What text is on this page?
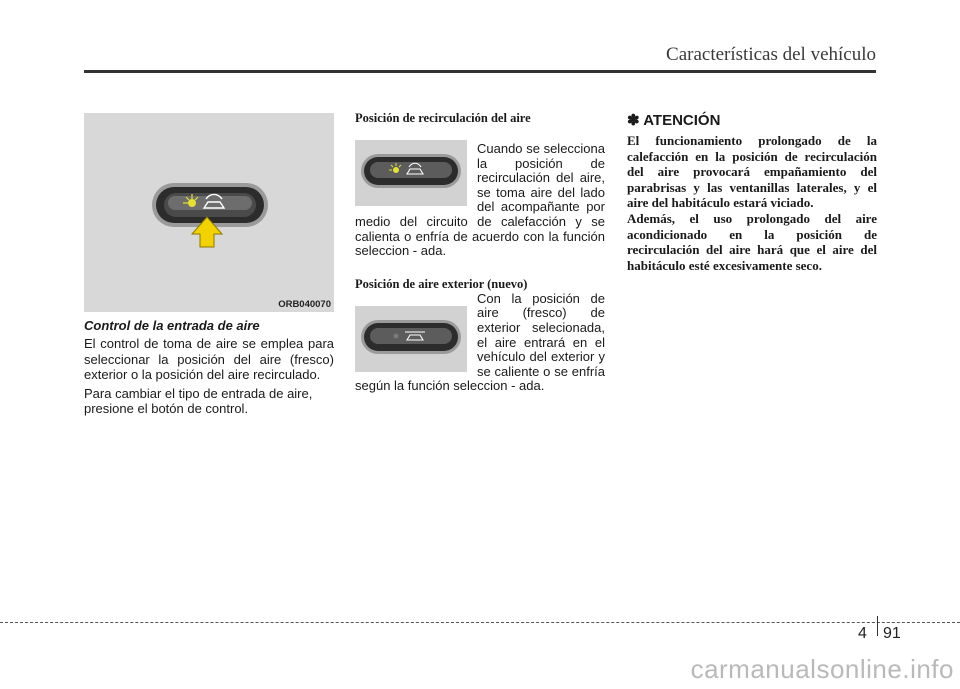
Características del vehículo
ORB040070
Control de la entrada de aire

El control de toma de aire se emplea para seleccionar la posición del aire (fresco) exterior o la posición del aire recirculado.

Para cambiar el tipo de entrada de aire, presione el botón de control.

Posición de recirculación del aire

Cuando se selecciona la posición de recirculación del aire, se toma aire del lado del acompañante por medio del circuito de calefacción y se calienta o enfría de acuerdo con la función seleccion - ada.

Posición de aire exterior (nuevo)

Con la posición de aire (fresco) de exterior selecionada, el aire entrará en el vehículo del exterior y se caliente o se enfría según la función seleccion - ada.

✽ ATENCIÓN

El funcionamiento prolongado de la calefacción en la posición de recirculación del aire provocará empañamiento del parabrisas y las ventanillas laterales, y el aire del habitáculo estará viciado.

Además, el uso prolongado del aire acondicionado en la posición de recirculación del aire hará que el aire del habitáculo esté excesivamente seco.

4 91
carmanualsonline.info
